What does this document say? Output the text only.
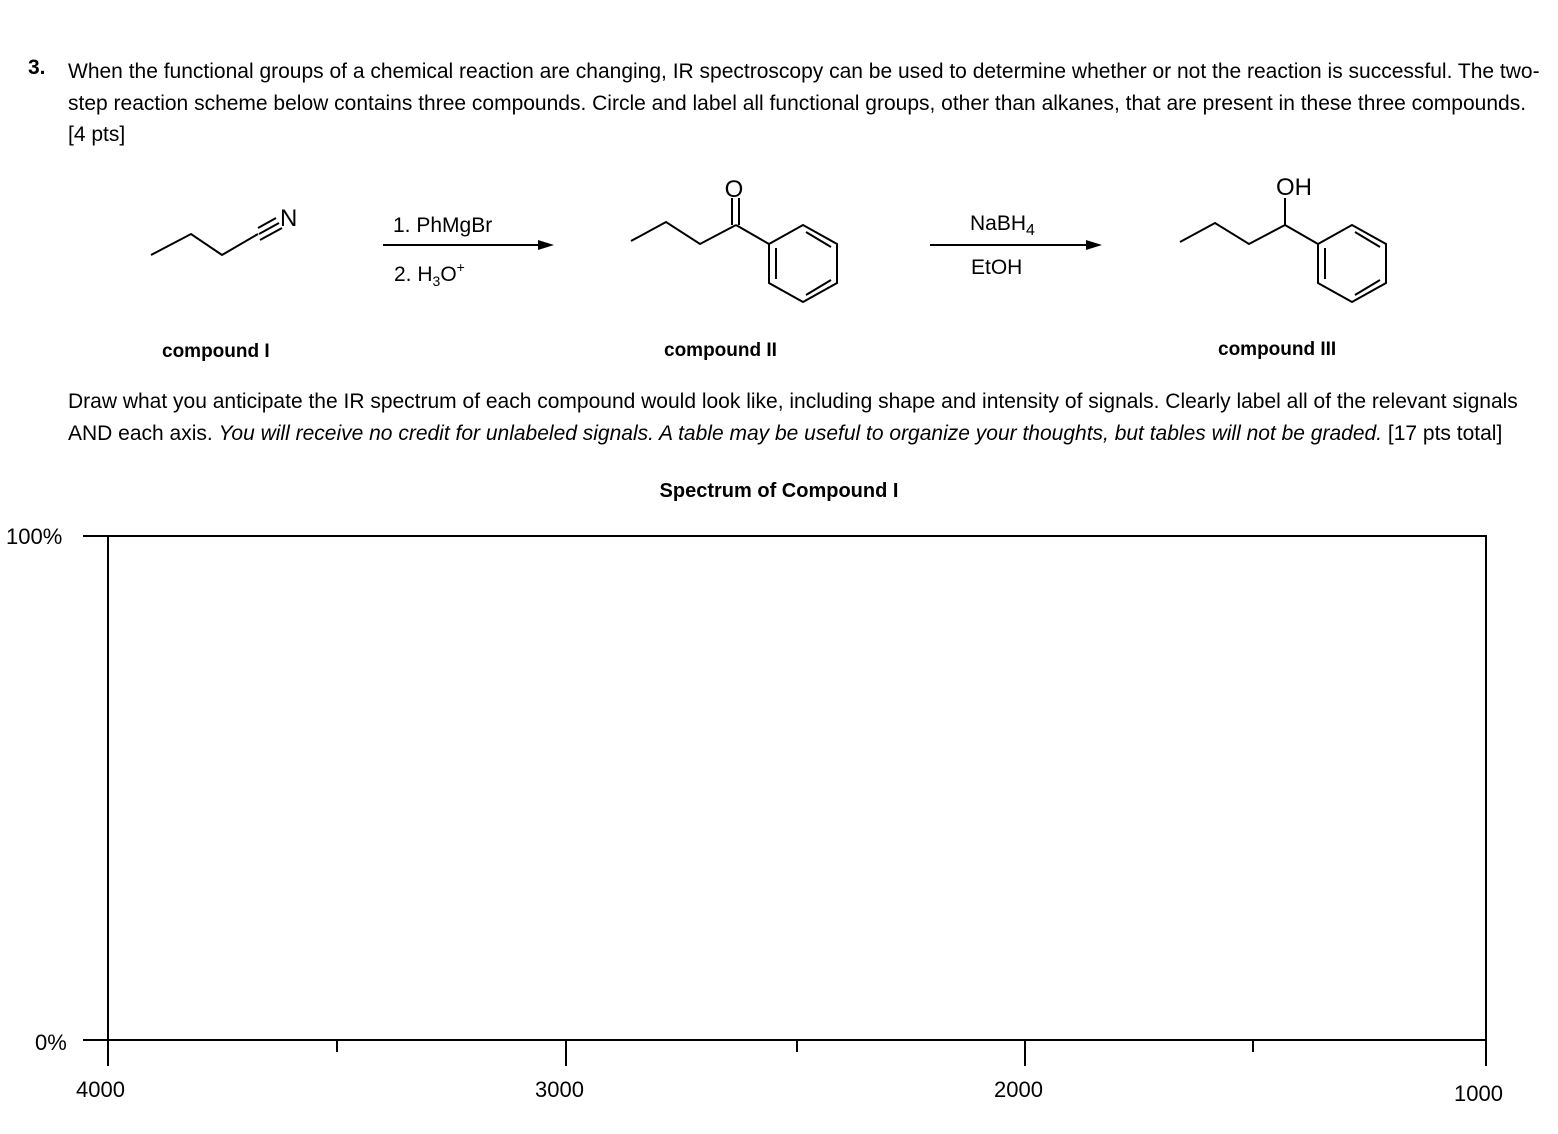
3. When the functional groups of a chemical reaction are changing, IR spectroscopy can be used to determine whether or not the reaction is successful. The two-step reaction scheme below contains three compounds. Circle and label all functional groups, other than alkanes, that are present in these three compounds. [4 pts]
N	1. PhMgBr
2. $H_3O^+$
O
NaBH$_4$
EtOH
OH
compound I	compound II	compound III
Draw what you anticipate the IR spectrum of each compound would look like, including shape and intensity of signals. Clearly label all of the relevant signals AND each axis. You will receive no credit for unlabeled signals. A table may be useful to organize your thoughts, but tables will not be graded. [17 pts total]
Spectrum of Compound I
100%
0%
4000	3000	2000	1000
